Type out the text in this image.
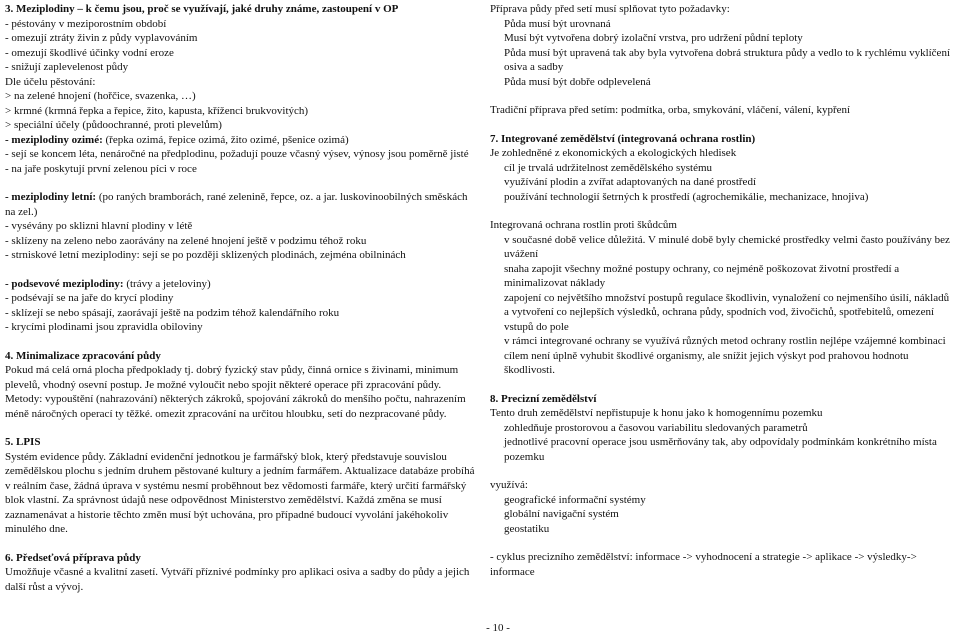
3. Meziplodiny – k čemu jsou, proč se využívají, jaké druhy známe, zastoupení v OP

- péstovány v meziporostním období

- omezují ztráty živin z půdy vyplavováním

- omezují škodlivé účinky vodní eroze

- snižují zaplevelenost půdy

Dle účelu pěstování:

> na zelené hnojení (hořčice, svazenka, …)

> krmné (krmná řepka a řepice, žito, kapusta, kříženci brukvovitých)

> speciální účely (půdoochranné, proti plevelům)

- meziplodiny ozimé: (řepka ozimá, řepice ozimá, žito ozimé, pšenice ozimá)

- sejí se koncem léta, nenáročné na předplodinu, požadují pouze včasný výsev, výnosy jsou poměrně jisté

- na jaře poskytují první zelenou píci v roce

- meziplodiny letní: (po raných bramborách, rané zelenině, řepce, oz. a jar. luskovinoobilných směskách na zel.)

- vysévány po sklizni hlavní plodiny v létě

- sklízeny na zeleno nebo zaorávány na zelené hnojení ještě v podzimu téhož roku

- strniskové letní meziplodiny: sejí se po později sklizených plodinách, zejména obilninách

- podsevové meziplodiny: (trávy a jeteloviny)

- podsévají se na jaře do krycí plodiny

- sklízejí se nebo spásají, zaorávají ještě na podzim téhož kalendářního roku

- krycími plodinami jsou zpravidla obiloviny

4. Minimalizace zpracování půdy

Pokud má celá orná plocha předpoklady tj. dobrý fyzický stav půdy, činná ornice s živinami, minimum plevelů, vhodný osevní postup. Je možné vyloučit nebo spojit některé operace při zpracování půdy.

Metody: vypouštění (nahrazování) některých zákroků, spojování zákroků do menšího počtu, nahrazením méně náročných operací ty těžké. omezit zpracování na určitou hloubku, setí do nezpracované půdy.

5. LPIS

Systém evidence půdy. Základní evidenční jednotkou je farmářský blok, který představuje souvislou zemědělskou plochu s jedním druhem pěstované kultury a jedním farmářem. Aktualizace databáze probíhá v reálním čase, žádná úprava v systému nesmí proběhnout bez vědomosti farmáře, který určití farmářský blok vlastní. Za správnost údajů nese odpovědnost Ministerstvo zemědělství. Každá změna se musí zaznamenávat a historie těchto změn musí být uchována, pro případné budoucí vyvolání jakéhokoliv minulého dne.

6. Předseťová příprava půdy

Umožňuje včasné a kvalitní zasetí. Vytváří příznivé podmínky pro aplikaci osiva a sadby do půdy a jejich další růst a vývoj.

Příprava půdy před setí musí splňovat tyto požadavky:

Půda musí být urovnaná

Musí být vytvořena dobrý izolační vrstva, pro udržení půdní teploty

Půda musí být upravená tak aby byla vytvořena dobrá struktura půdy a vedlo to k rychlému vyklíčení osiva a sadby

Půda musí být dobře odplevelená

Tradiční příprava před setím: podmítka, orba, smykování, vláčení, válení, kypření

7. Integrované zemědělství (integrovaná ochrana rostlin)

Je zohledněné z ekonomických a ekologických hledisek

cíl je trvalá udržitelnost zemědělského systému

využívání plodin a zvířat adaptovaných na dané prostředí

používání technologií šetrných k prostředí (agrochemikálie, mechanizace, hnojiva)

Integrovaná ochrana rostlin proti škůdcům

v současné době velice důležitá. V minulé době byly chemické prostředky velmi často používány bez uvážení

snaha zapojit všechny možné postupy ochrany, co nejméně poškozovat životní prostředí a minimalizovat náklady

zapojení co největšího množství postupů regulace škodlivin, vynaložení co nejmenšího úsilí, nákladů a vytvoření co nejlepších výsledků, ochrana půdy, spodních vod, živočichů, spotřebitelů, omezení vstupů do pole

v rámci integrované ochrany se využívá různých metod ochrany rostlin nejlépe vzájemné kombinaci

cílem není úplně vyhubit škodlivé organismy, ale snížit jejich výskyt pod prahovou hodnotu škodlivosti.

8. Precizní zemědělství

Tento druh zemědělství nepřistupuje k honu jako k homogennímu pozemku

zohledňuje prostorovou a časovou variabilitu sledovaných parametrů

jednotlivé pracovní operace jsou usměrňovány tak, aby odpovídaly podmínkám konkrétního místa pozemku

využívá:

geografické informační systémy

globální navigační systém

geostatiku

- cyklus precizního zemědělství: informace -> vyhodnocení a strategie -> aplikace -> výsledky-> informace

- 10 -
